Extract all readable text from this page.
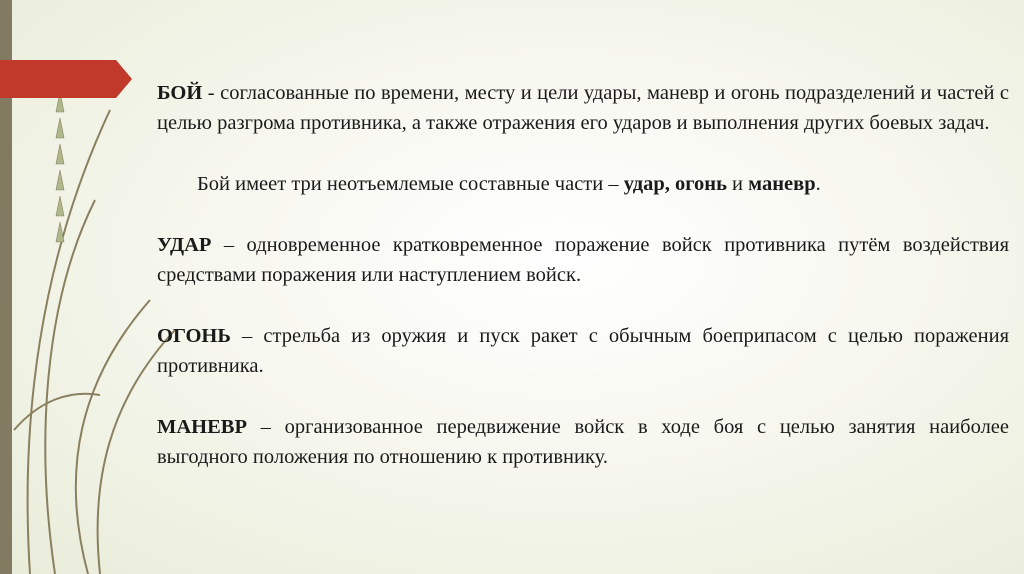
БОЙ - согласованные по времени, месту и цели удары, маневр и огонь подразделений и частей с целью разгрома противника, а также отражения его ударов и выполнения других боевых задач.

Бой имеет три неотъемлемые составные части – удар, огонь и маневр.

УДАР – одновременное кратковременное поражение войск противника путём воздействия средствами поражения или наступлением войск.

ОГОНЬ – стрельба из оружия и пуск ракет с обычным боеприпасом с целью поражения противника.

МАНЕВР – организованное передвижение войск в ходе боя с целью занятия наиболее выгодного положения по отношению к противнику.
